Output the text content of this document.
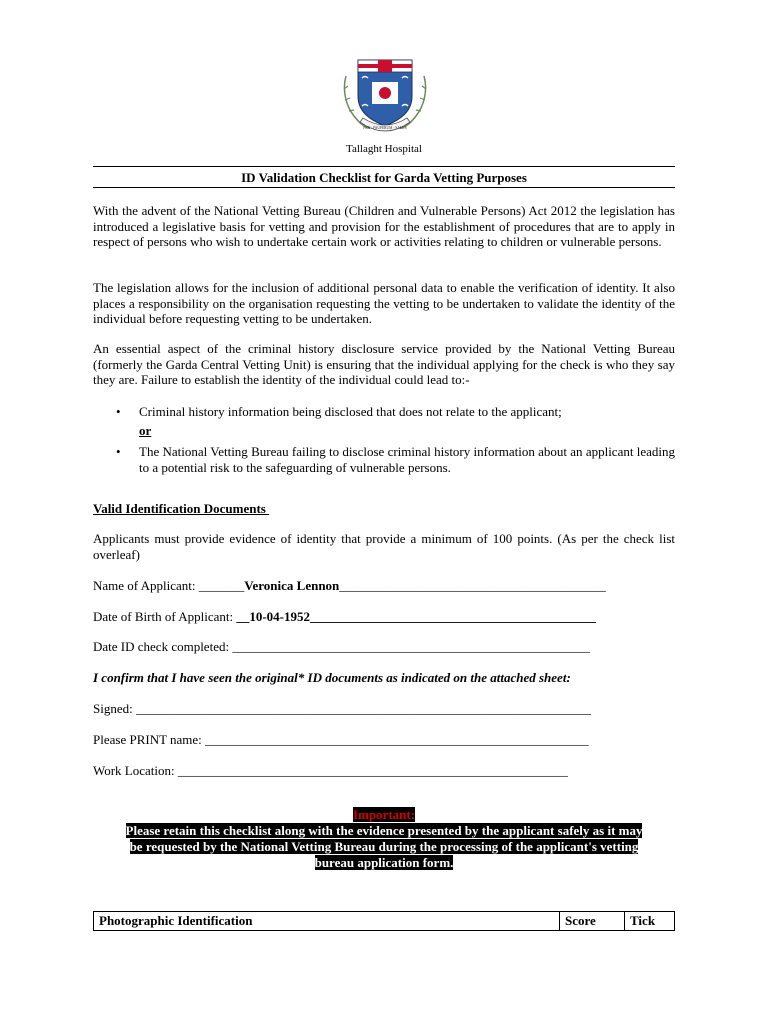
PAX · PAUPERUM · SALUS
Tallaght Hospital
ID Validation Checklist for Garda Vetting Purposes

With the advent of the National Vetting Bureau (Children and Vulnerable Persons) Act 2012 the legislation has introduced a legislative basis for vetting and provision for the establishment of procedures that are to apply in respect of persons who wish to undertake certain work or activities relating to children or vulnerable persons.

The legislation allows for the inclusion of additional personal data to enable the verification of identity. It also places a responsibility on the organisation requesting the vetting to be undertaken to validate the identity of the individual before requesting vetting to be undertaken.

An essential aspect of the criminal history disclosure service provided by the National Vetting Bureau (formerly the Garda Central Vetting Unit) is ensuring that the individual applying for the check is who they say they are. Failure to establish the identity of the individual could lead to:-

• Criminal history information being disclosed that does not relate to the applicant;
or
• The National Vetting Bureau failing to disclose criminal history information about an applicant leading to a potential risk to the safeguarding of vulnerable persons.
Valid Identification Documents

Applicants must provide evidence of identity that provide a minimum of 100 points. (As per the check list overleaf)

Name of Applicant: _______Veronica Lennon_________________________________________
Date of Birth of Applicant: __10-04-1952____________________________________________
Date ID check completed: _______________________________________________________
I confirm that I have seen the original* ID documents as indicated on the attached sheet:
Signed: ______________________________________________________________________
Please PRINT name: ___________________________________________________________
Work Location: ____________________________________________________________
Important:
Please retain this checklist along with the evidence presented by the applicant safely as it may
be requested by the National Vetting Bureau during the processing of the applicant's vetting
bureau application form.
Photographic Identification	Score	Tick
